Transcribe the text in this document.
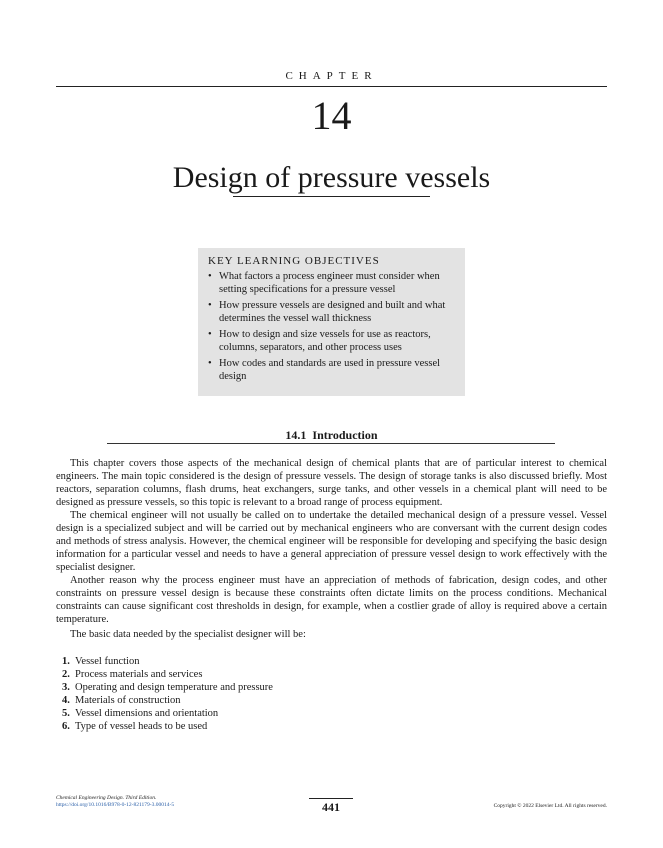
CHAPTER
14
Design of pressure vessels
KEY LEARNING OBJECTIVES
• What factors a process engineer must consider when setting specifications for a pressure vessel
• How pressure vessels are designed and built and what determines the vessel wall thickness
• How to design and size vessels for use as reactors, columns, separators, and other process uses
• How codes and standards are used in pressure vessel design
14.1 Introduction

This chapter covers those aspects of the mechanical design of chemical plants that are of particular interest to chemical engineers. The main topic considered is the design of pressure vessels. The design of storage tanks is also discussed briefly. Most reactors, separation columns, flash drums, heat exchangers, surge tanks, and other vessels in a chemical plant will need to be designed as pressure vessels, so this topic is relevant to a broad range of process equipment.

The chemical engineer will not usually be called on to undertake the detailed mechanical design of a pressure vessel. Vessel design is a specialized subject and will be carried out by mechanical engineers who are conversant with the current design codes and methods of stress analysis. However, the chemical engineer will be responsible for developing and specifying the basic design information for a particular vessel and needs to have a general appreciation of pressure vessel design to work effectively with the specialist designer.

Another reason why the process engineer must have an appreciation of methods of fabrication, design codes, and other constraints on pressure vessel design is because these constraints often dictate limits on the process conditions. Mechanical constraints can cause significant cost thresholds in design, for example, when a costlier grade of alloy is required above a certain temperature.

The basic data needed by the specialist designer will be:

1. Vessel function
2. Process materials and services
3. Operating and design temperature and pressure
4. Materials of construction
5. Vessel dimensions and orientation
6. Type of vessel heads to be used
Chemical Engineering Design. Third Edition.
https://doi.org/10.1016/B978-0-12-821179-3.00014-5	441	Copyright © 2022 Elsevier Ltd. All rights reserved.
